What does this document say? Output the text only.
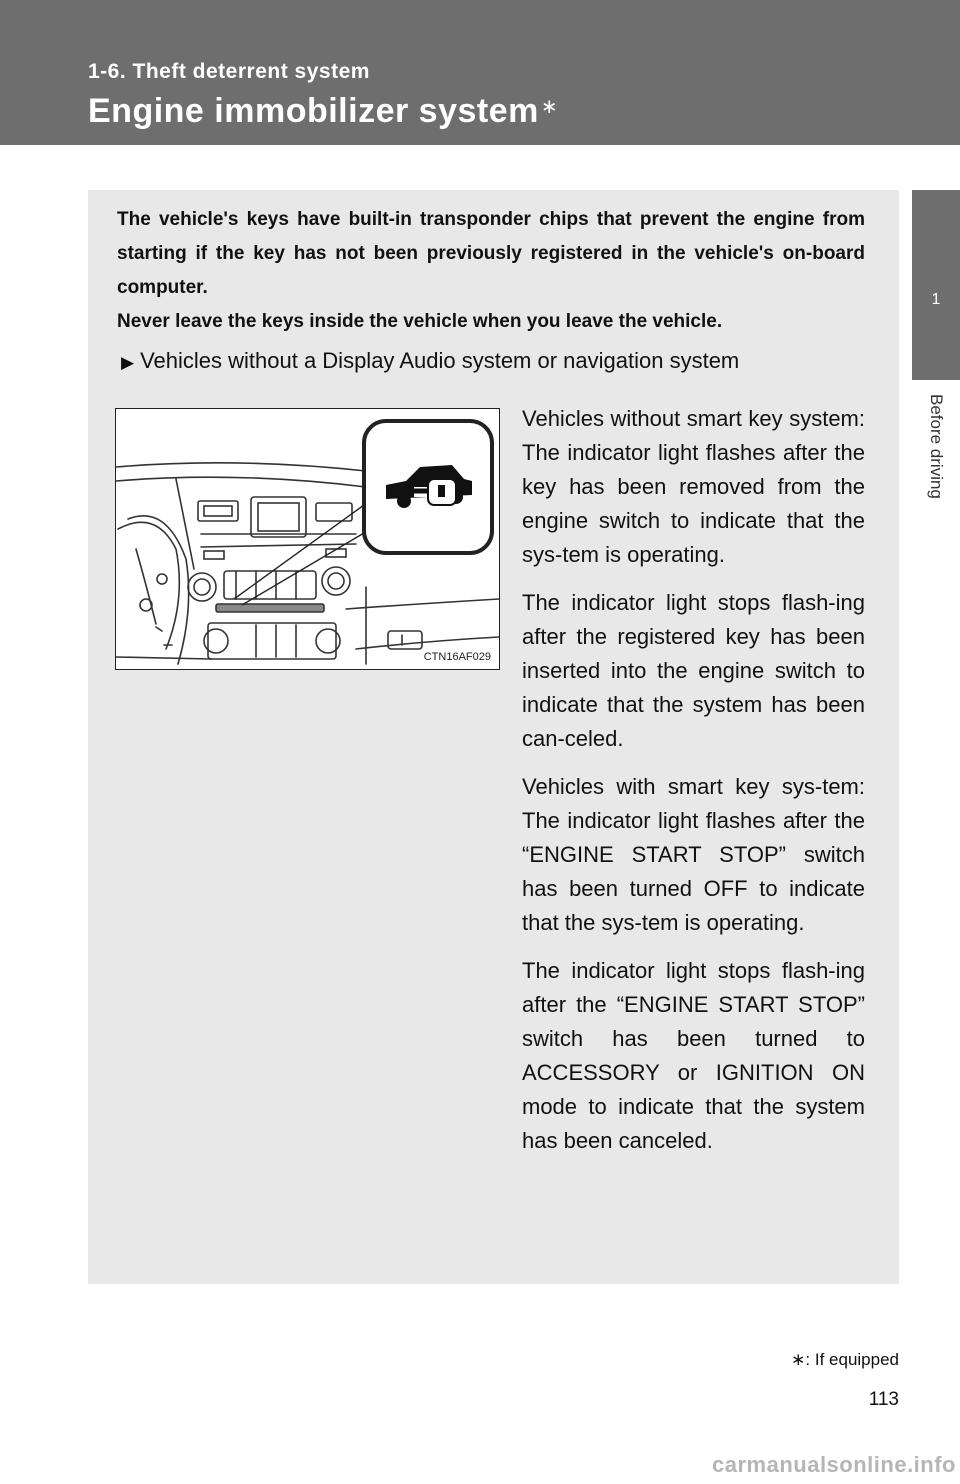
1-6. Theft deterrent system
Engine immobilizer system ∗
1
Before driving

The vehicle's keys have built-in transponder chips that prevent the engine from starting if the key has not been previously registered in the vehicle's on-board computer.

Never leave the keys inside the vehicle when you leave the vehicle.

▶ Vehicles without a Display Audio system or navigation system
CTN16AF029

Vehicles without smart key system: The indicator light flashes after the key has been removed from the engine switch to indicate that the sys-tem is operating.

The indicator light stops flash-ing after the registered key has been inserted into the engine switch to indicate that the system has been can-celed.

Vehicles with smart key sys-tem: The indicator light flashes after the “ENGINE START STOP” switch has been turned OFF to indicate that the sys-tem is operating.

The indicator light stops flash-ing after the “ENGINE START STOP” switch has been turned to ACCESSORY or IGNITION ON mode to indicate that the system has been canceled.

∗: If equipped
113
carmanualsonline.info
